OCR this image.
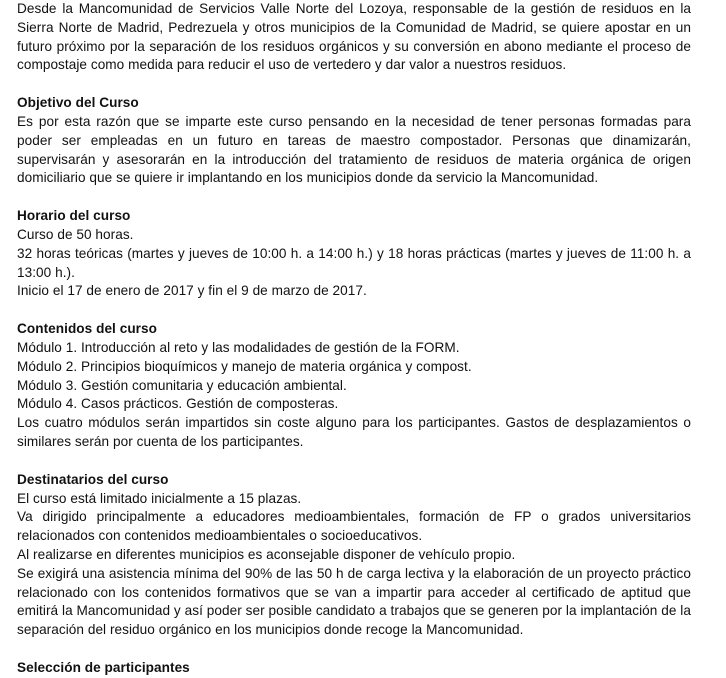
Desde la Mancomunidad de Servicios Valle Norte del Lozoya, responsable de la gestión de residuos en la Sierra Norte de Madrid, Pedrezuela y otros municipios de la Comunidad de Madrid, se quiere apostar en un futuro próximo por la separación de los residuos orgánicos y su conversión en abono mediante el proceso de compostaje como medida para reducir el uso de vertedero y dar valor a nuestros residuos.

Objetivo del Curso

Es por esta razón que se imparte este curso pensando en la necesidad de tener personas formadas para poder ser empleadas en un futuro en tareas de maestro compostador. Personas que dinamizarán, supervisarán y asesorarán en la introducción del tratamiento de residuos de materia orgánica de origen domiciliario que se quiere ir implantando en los municipios donde da servicio la Mancomunidad.

Horario del curso

Curso de 50 horas.

32 horas teóricas (martes y jueves de 10:00 h. a 14:00 h.) y 18 horas prácticas (martes y jueves de 11:00 h. a 13:00 h.).

Inicio el 17 de enero de 2017 y fin el 9 de marzo de 2017.

Contenidos del curso

Módulo 1. Introducción al reto y las modalidades de gestión de la FORM.

Módulo 2. Principios bioquímicos y manejo de materia orgánica y compost.

Módulo 3. Gestión comunitaria y educación ambiental.

Módulo 4. Casos prácticos. Gestión de composteras.

Los cuatro módulos serán impartidos sin coste alguno para los participantes. Gastos de desplazamientos o similares serán por cuenta de los participantes.

Destinatarios del curso

El curso está limitado inicialmente a 15 plazas.

Va dirigido principalmente a educadores medioambientales, formación de FP o grados universitarios relacionados con contenidos medioambientales o socioeducativos.

Al realizarse en diferentes municipios es aconsejable disponer de vehículo propio.

Se exigirá una asistencia mínima del 90% de las 50 h de carga lectiva y la elaboración de un proyecto práctico relacionado con los contenidos formativos que se van a impartir para acceder al certificado de aptitud que emitirá la Mancomunidad y así poder ser posible candidato a trabajos que se generen por la implantación de la separación del residuo orgánico en los municipios donde recoge la Mancomunidad.

Selección de participantes
